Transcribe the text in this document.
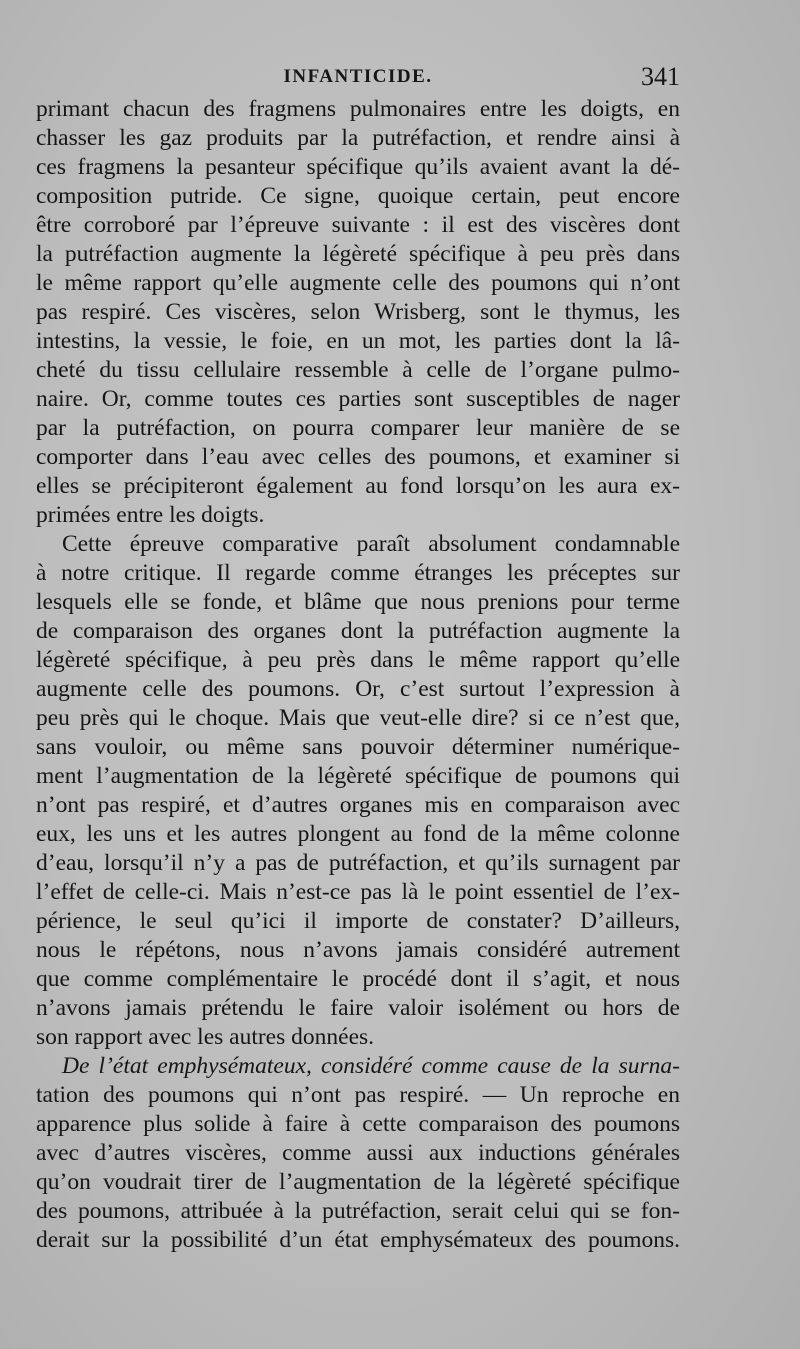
INFANTICIDE.	341
primant chacun des fragmens pulmonaires entre les doigts, en
chasser les gaz produits par la putréfaction, et rendre ainsi à
ces fragmens la pesanteur spécifique qu’ils avaient avant la dé-
composition putride. Ce signe, quoique certain, peut encore
être corroboré par l’épreuve suivante : il est des viscères dont
la putréfaction augmente la légèreté spécifique à peu près dans
le même rapport qu’elle augmente celle des poumons qui n’ont
pas respiré. Ces viscères, selon Wrisberg, sont le thymus, les
intestins, la vessie, le foie, en un mot, les parties dont la lâ-
cheté du tissu cellulaire ressemble à celle de l’organe pulmo-
naire. Or, comme toutes ces parties sont susceptibles de nager
par la putréfaction, on pourra comparer leur manière de se
comporter dans l’eau avec celles des poumons, et examiner si
elles se précipiteront également au fond lorsqu’on les aura ex-
primées entre les doigts.
Cette épreuve comparative paraît absolument condamnable
à notre critique. Il regarde comme étranges les préceptes sur
lesquels elle se fonde, et blâme que nous prenions pour terme
de comparaison des organes dont la putréfaction augmente la
légèreté spécifique, à peu près dans le même rapport qu’elle
augmente celle des poumons. Or, c’est surtout l’expression à
peu près qui le choque. Mais que veut-elle dire? si ce n’est que,
sans vouloir, ou même sans pouvoir déterminer numérique-
ment l’augmentation de la légèreté spécifique de poumons qui
n’ont pas respiré, et d’autres organes mis en comparaison avec
eux, les uns et les autres plongent au fond de la même colonne
d’eau, lorsqu’il n’y a pas de putréfaction, et qu’ils surnagent par
l’effet de celle-ci. Mais n’est-ce pas là le point essentiel de l’ex-
périence, le seul qu’ici il importe de constater? D’ailleurs,
nous le répétons, nous n’avons jamais considéré autrement
que comme complémentaire le procédé dont il s’agit, et nous
n’avons jamais prétendu le faire valoir isolément ou hors de
son rapport avec les autres données.
De l’état emphysémateux, considéré comme cause de la surna-
tation des poumons qui n’ont pas respiré. — Un reproche en
apparence plus solide à faire à cette comparaison des poumons
avec d’autres viscères, comme aussi aux inductions générales
qu’on voudrait tirer de l’augmentation de la légèreté spécifique
des poumons, attribuée à la putréfaction, serait celui qui se fon-
derait sur la possibilité d’un état emphysémateux des poumons.
